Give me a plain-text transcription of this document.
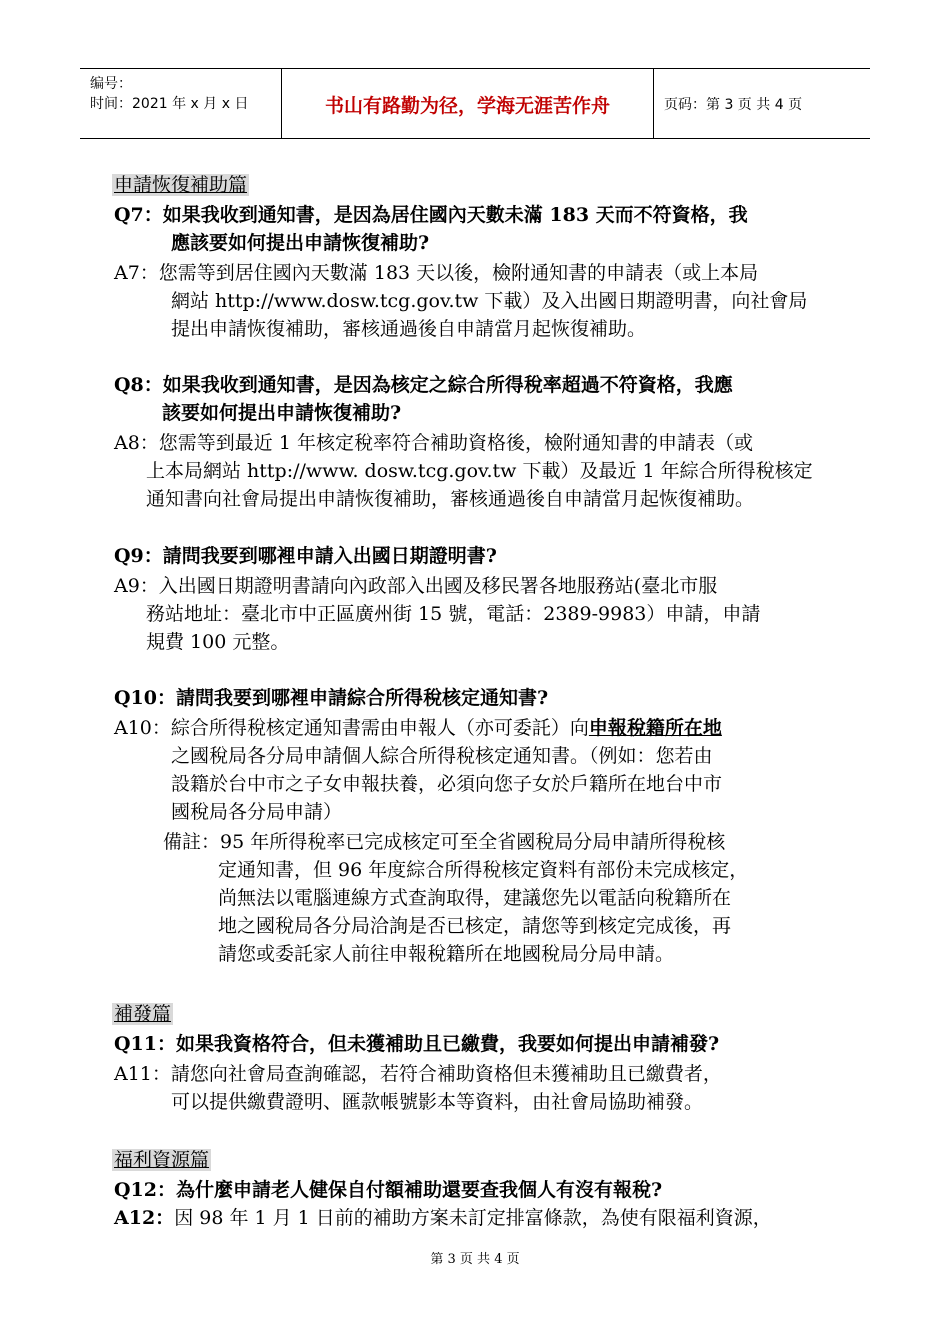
编号：
时间：2021 年 x 月 x 日	书山有路勤为径，学海无涯苦作舟	页码：第 3 页 共 4 页
申請恢復補助篇
Q7：如果我收到通知書，是因為居住國內天數未滿 183 天而不符資格，我
應該要如何提出申請恢復補助?
A7：您需等到居住國內天數滿 183 天以後，檢附通知書的申請表（或上本局
網站 http://www.dosw.tcg.gov.tw 下載）及入出國日期證明書，向社會局
提出申請恢復補助，審核通過後自申請當月起恢復補助。
Q8：如果我收到通知書，是因為核定之綜合所得稅率超過不符資格，我應
該要如何提出申請恢復補助?
A8：您需等到最近 1 年核定稅率符合補助資格後，檢附通知書的申請表（或
上本局網站 http://www. dosw.tcg.gov.tw 下載）及最近 1 年綜合所得稅核定
通知書向社會局提出申請恢復補助，審核通過後自申請當月起恢復補助。
Q9：請問我要到哪裡申請入出國日期證明書?
A9：入出國日期證明書請向內政部入出國及移民署各地服務站(臺北市服
務站地址：臺北市中正區廣州街 15 號，電話：2389-9983）申請，申請
規費 100 元整。
Q10：請問我要到哪裡申請綜合所得稅核定通知書?
A10：綜合所得稅核定通知書需由申報人（亦可委託）向申報稅籍所在地
之國稅局各分局申請個人綜合所得稅核定通知書。（例如：您若由
設籍於台中市之子女申報扶養，必須向您子女於戶籍所在地台中市
國稅局各分局申請）
備註：95 年所得稅率已完成核定可至全省國稅局分局申請所得稅核
定通知書，但 96 年度綜合所得稅核定資料有部份未完成核定，
尚無法以電腦連線方式查詢取得，建議您先以電話向稅籍所在
地之國稅局各分局洽詢是否已核定，請您等到核定完成後，再
請您或委託家人前往申報稅籍所在地國稅局分局申請。
補發篇
Q11：如果我資格符合，但未獲補助且已繳費，我要如何提出申請補發?
A11：請您向社會局查詢確認，若符合補助資格但未獲補助且已繳費者，
可以提供繳費證明、匯款帳號影本等資料，由社會局協助補發。
福利資源篇
Q12：為什麼申請老人健保自付額補助還要查我個人有沒有報稅?
A12：因 98 年 1 月 1 日前的補助方案未訂定排富條款，為使有限福利資源，
第 3 页 共 4 页
